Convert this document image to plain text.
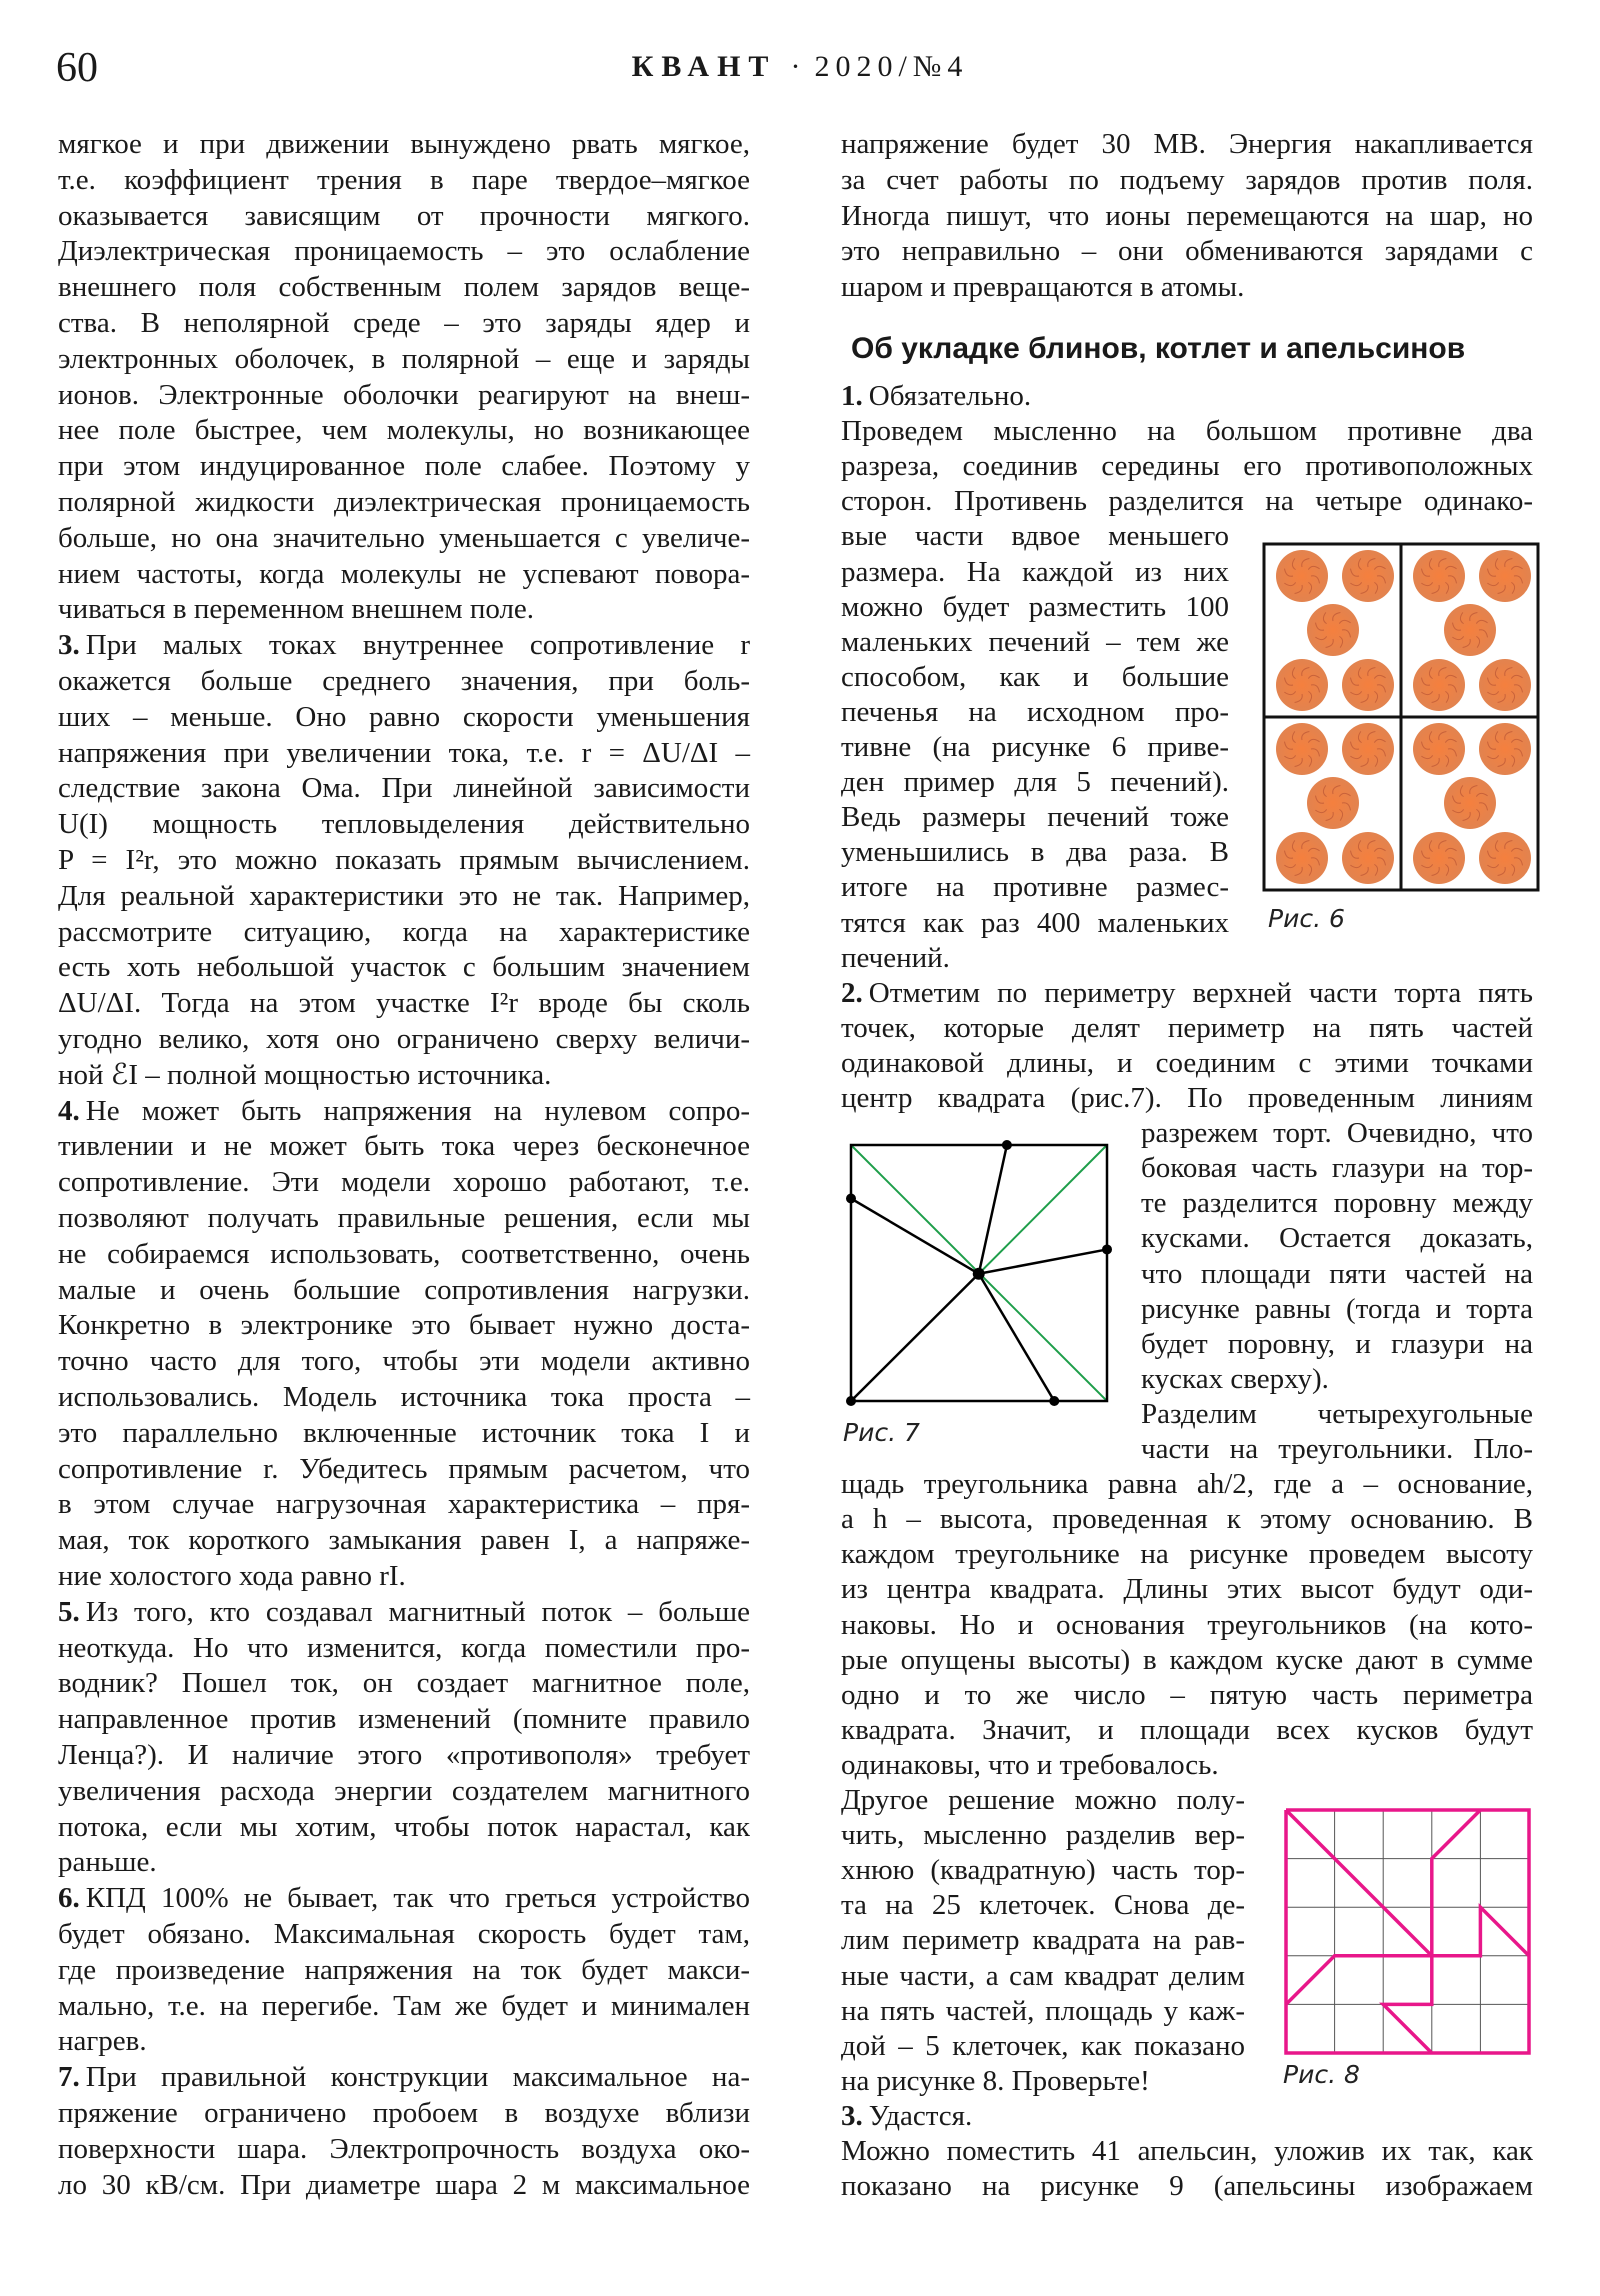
60	КВАНТ · 2020/№4
мягкое и при движении вынуждено рвать мягкое,
т.е. коэффициент трения в паре твердое–мягкое
оказывается зависящим от прочности мягкого.
Диэлектрическая проницаемость – это ослабление
внешнего поля собственным полем зарядов веще-
ства. В неполярной среде – это заряды ядер и
электронных оболочек, в полярной – еще и заряды
ионов. Электронные оболочки реагируют на внеш-
нее поле быстрее, чем молекулы, но возникающее
при этом индуцированное поле слабее. Поэтому у
полярной жидкости диэлектрическая проницаемость
больше, но она значительно уменьшается с увеличе-
нием частоты, когда молекулы не успевают повора-
чиваться в переменном внешнем поле.
3. При малых токах внутреннее сопротивление r
окажется больше среднего значения, при боль-
ших – меньше. Оно равно скорости уменьшения
напряжения при увеличении тока, т.е. r = ΔU/ΔI –
следствие закона Ома. При линейной зависимости
U(I) мощность тепловыделения действительно
P = I²r, это можно показать прямым вычислением.
Для реальной характеристики это не так. Например,
рассмотрите ситуацию, когда на характеристике
есть хоть небольшой участок с большим значением
ΔU/ΔI. Тогда на этом участке I²r вроде бы сколь
угодно велико, хотя оно ограничено сверху величи-
ной ℰI – полной мощностью источника.
4. Не может быть напряжения на нулевом сопро-
тивлении и не может быть тока через бесконечное
сопротивление. Эти модели хорошо работают, т.е.
позволяют получать правильные решения, если мы
не собираемся использовать, соответственно, очень
малые и очень большие сопротивления нагрузки.
Конкретно в электронике это бывает нужно доста-
точно часто для того, чтобы эти модели активно
использовались. Модель источника тока проста –
это параллельно включенные источник тока I и
сопротивление r. Убедитесь прямым расчетом, что
в этом случае нагрузочная характеристика – пря-
мая, ток короткого замыкания равен I, а напряже-
ние холостого хода равно rI.
5. Из того, кто создавал магнитный поток – больше
неоткуда. Но что изменится, когда поместили про-
водник? Пошел ток, он создает магнитное поле,
направленное против изменений (помните правило
Ленца?). И наличие этого «противополя» требует
увеличения расхода энергии создателем магнитного
потока, если мы хотим, чтобы поток нарастал, как
раньше.
6. КПД 100% не бывает, так что греться устройство
будет обязано. Максимальная скорость будет там,
где произведение напряжения на ток будет макси-
мально, т.е. на перегибе. Там же будет и минимален
нагрев.
7. При правильной конструкции максимальное на-
пряжение ограничено пробоем в воздухе вблизи
поверхности шара. Электропрочность воздуха око-
ло 30 кВ/см. При диаметре шара 2 м максимальное
напряжение будет 30 МВ. Энергия накапливается
за счет работы по подъему зарядов против поля.
Иногда пишут, что ионы перемещаются на шар, но
это неправильно – они обмениваются зарядами с
шаром и превращаются в атомы.
1. Обязательно.
Проведем мысленно на большом противне два
разреза, соединив середины его противоположных
сторон. Противень разделится на четыре одинако-
вые части вдвое меньшего
размера. На каждой из них
можно будет разместить 100
маленьких печений – тем же
способом, как и большие
печенья на исходном про-
тивне (на рисунке 6 приве-
ден пример для 5 печений).
Ведь размеры печений тоже
уменьшились в два раза. В
итоге на противне размес-
тятся как раз 400 маленьких
печений.
2. Отметим по периметру верхней части торта пять
точек, которые делят периметр на пять частей
одинаковой длины, и соединим с этими точками
центр квадрата (рис.7). По проведенным линиям
разрежем торт. Очевидно, что
боковая часть глазури на тор-
те разделится поровну между
кусками. Остается доказать,
что площади пяти частей на
рисунке равны (тогда и торта
будет поровну, и глазури на
кусках сверху).
Разделим четырехугольные
части на треугольники. Пло-
щадь треугольника равна ah/2, где a – основание,
а h – высота, проведенная к этому основанию. В
каждом треугольнике на рисунке проведем высоту
из центра квадрата. Длины этих высот будут оди-
наковы. Но и основания треугольников (на кото-
рые опущены высоты) в каждом куске дают в сумме
одно и то же число – пятую часть периметра
квадрата. Значит, и площади всех кусков будут
одинаковы, что и требовалось.
Другое решение можно полу-
чить, мысленно разделив вер-
хнюю (квадратную) часть тор-
та на 25 клеточек. Снова де-
лим периметр квадрата на рав-
ные части, а сам квадрат делим
на пять частей, площадь у каж-
дой – 5 клеточек, как показано
на рисунке 8. Проверьте!
3. Удастся.
Можно поместить 41 апельсин, уложив их так, как
показано на рисунке 9 (апельсины изображаем
Об укладке блинов, котлет и апельсинов
Рис. 6
Рис. 7
Рис. 8
